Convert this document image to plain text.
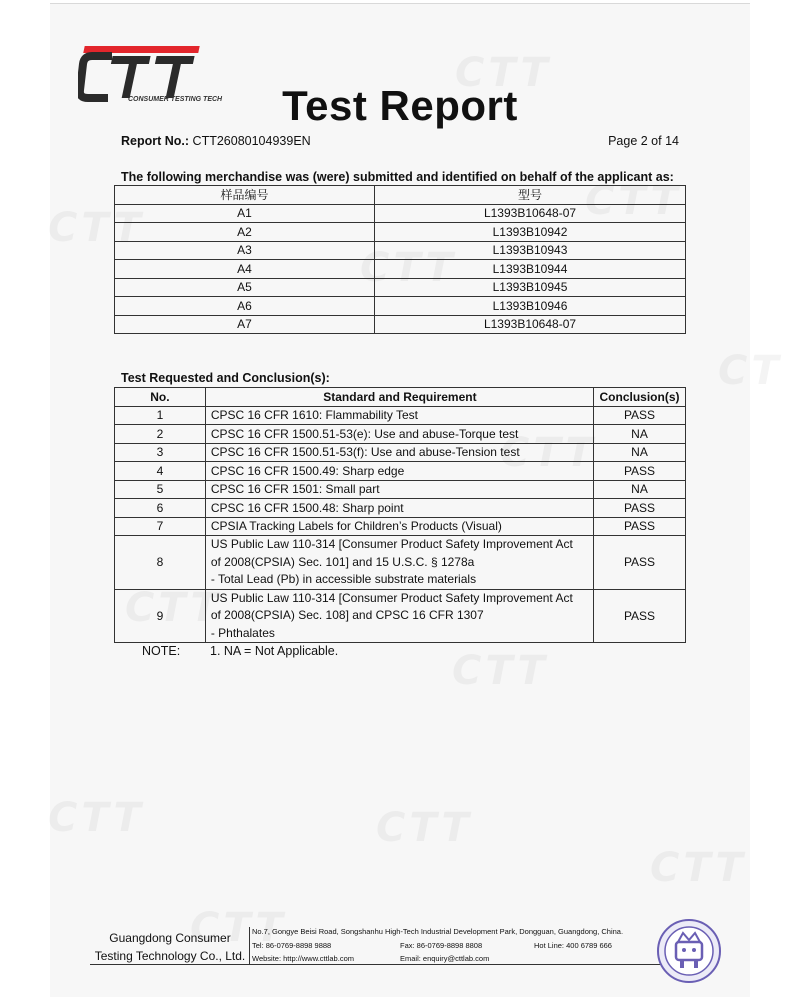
CONSUMER TESTING TECH	Test Report
Report No.: CTT26080104939EN	Page 2 of 14
The following merchandise was (were) submitted and identified on behalf of the applicant as:
样品编号	型号
A1	L1393B10648-07
A2	L1393B10942
A3	L1393B10943
A4	L1393B10944
A5	L1393B10945
A6	L1393B10946
A7	L1393B10648-07
Test Requested and Conclusion(s):
No.	Standard and Requirement	Conclusion(s)
1	CPSC 16 CFR 1610: Flammability Test	PASS
2	CPSC 16 CFR 1500.51-53(e): Use and abuse-Torque test	NA
3	CPSC 16 CFR 1500.51-53(f): Use and abuse-Tension test	NA
4	CPSC 16 CFR 1500.49: Sharp edge	PASS
5	CPSC 16 CFR 1501: Small part	NA
6	CPSC 16 CFR 1500.48: Sharp point	PASS
7	CPSIA Tracking Labels for Children’s Products (Visual)	PASS
8	US Public Law 110-314 [Consumer Product Safety Improvement Act
of 2008(CPSIA) Sec. 101] and 15 U.S.C. § 1278a
- Total Lead (Pb) in accessible substrate materials	PASS
9	US Public Law 110-314 [Consumer Product Safety Improvement Act
of 2008(CPSIA) Sec. 108] and CPSC 16 CFR 1307
- Phthalates	PASS
NOTE: 1. NA = Not Applicable.
Guangdong Consumer
Testing Technology Co., Ltd.
No.7, Gongye Beisi Road, Songshanhu High-Tech Industrial Development Park, Dongguan, Guangdong, China.
Tel: 86-0769-8898 9888	Fax: 86-0769-8898 8808	Hot Line: 400 6789 666
Website: http://www.cttlab.com	Email: enquiry@cttlab.com
